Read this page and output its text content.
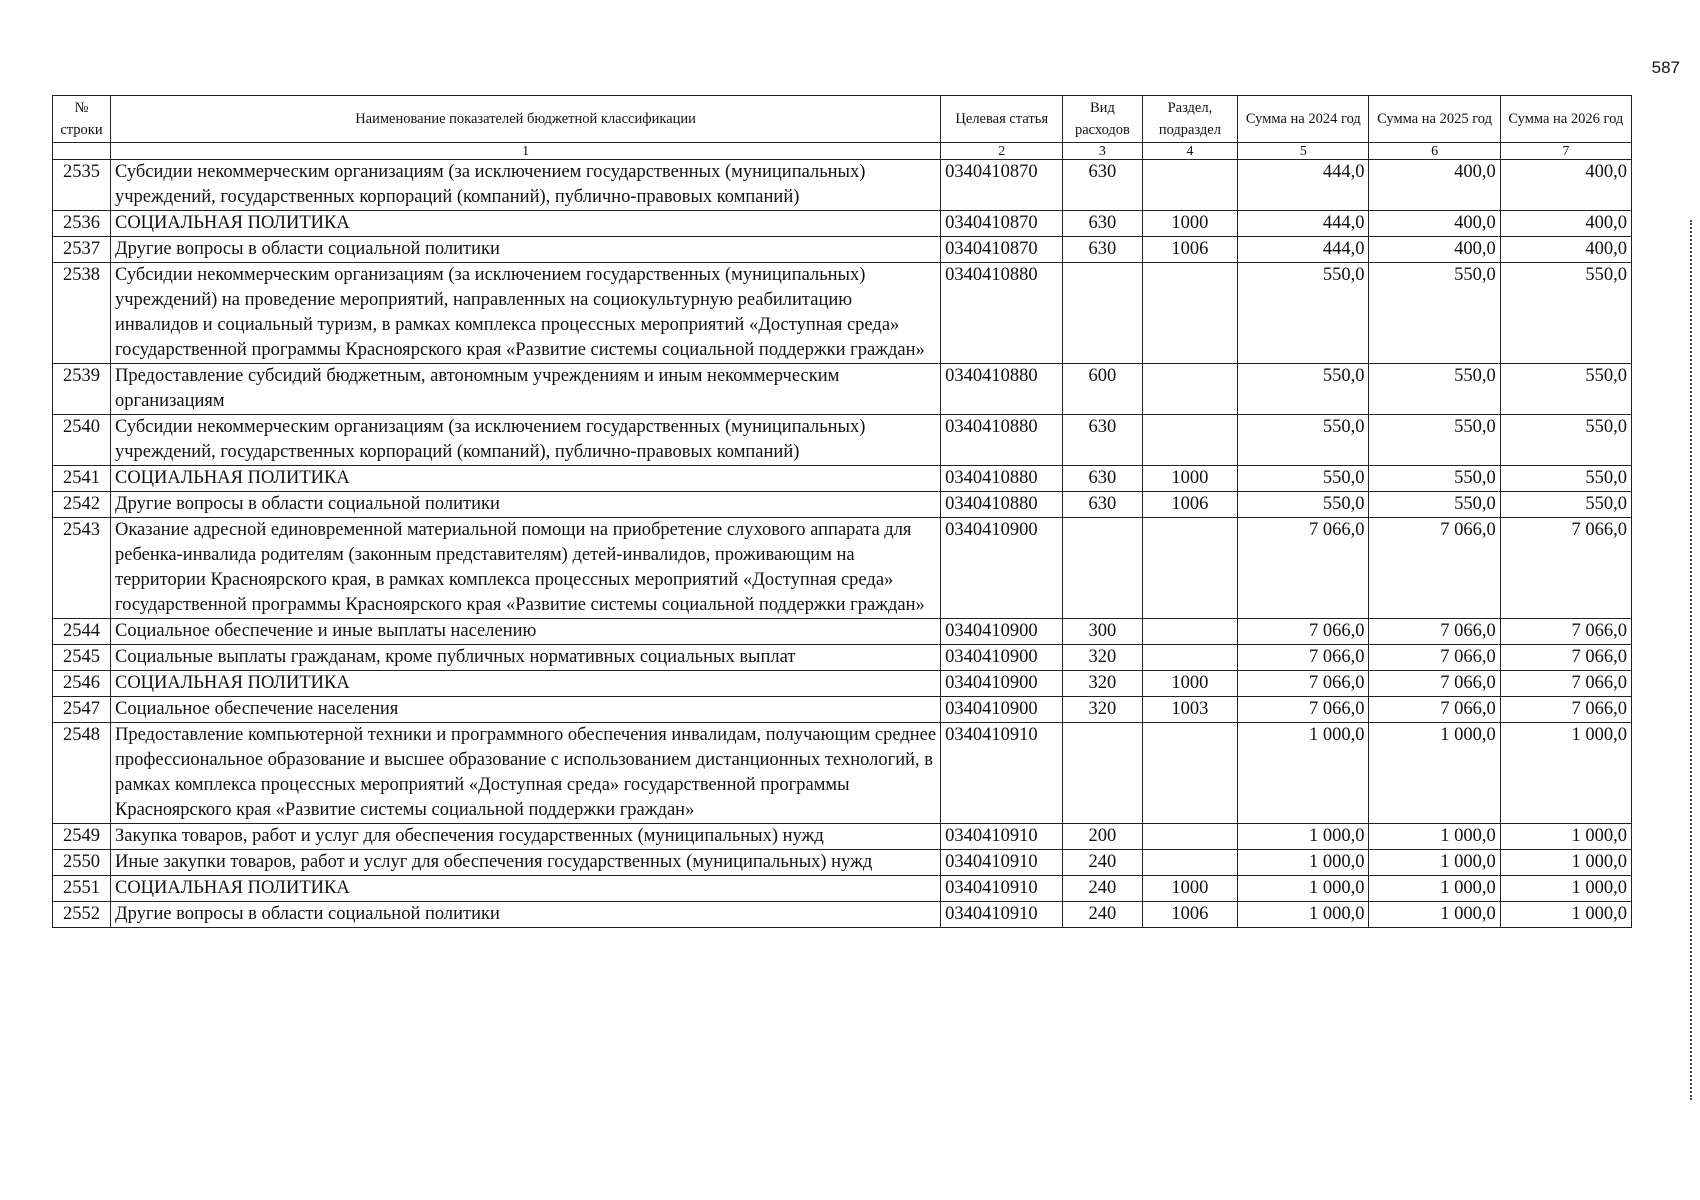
587
№ строки	Наименование показателей бюджетной классификации	Целевая статья	Вид расходов	Раздел, подраздел	Сумма на 2024 год	Сумма на 2025 год	Сумма на 2026 год
	1	2	3	4	5	6	7
2535	Субсидии некоммерческим организациям (за исключением государственных (муниципальных) учреждений, государственных корпораций (компаний), публично-правовых компаний)	0340410870	630		444,0	400,0	400,0
2536	СОЦИАЛЬНАЯ ПОЛИТИКА	0340410870	630	1000	444,0	400,0	400,0
2537	Другие вопросы в области социальной политики	0340410870	630	1006	444,0	400,0	400,0
2538	Субсидии некоммерческим организациям (за исключением государственных (муниципальных) учреждений) на проведение мероприятий, направленных на социокультурную реабилитацию инвалидов и социальный туризм, в рамках комплекса процессных мероприятий «Доступная среда» государственной программы Красноярского края «Развитие системы социальной поддержки граждан»	0340410880			550,0	550,0	550,0
2539	Предоставление субсидий бюджетным, автономным учреждениям и иным некоммерческим организациям	0340410880	600		550,0	550,0	550,0
2540	Субсидии некоммерческим организациям (за исключением государственных (муниципальных) учреждений, государственных корпораций (компаний), публично-правовых компаний)	0340410880	630		550,0	550,0	550,0
2541	СОЦИАЛЬНАЯ ПОЛИТИКА	0340410880	630	1000	550,0	550,0	550,0
2542	Другие вопросы в области социальной политики	0340410880	630	1006	550,0	550,0	550,0
2543	Оказание адресной единовременной материальной помощи на приобретение слухового аппарата для ребенка-инвалида родителям (законным представителям) детей-инвалидов, проживающим на территории Красноярского края, в рамках комплекса процессных мероприятий «Доступная среда» государственной программы Красноярского края «Развитие системы социальной поддержки граждан»	0340410900			7 066,0	7 066,0	7 066,0
2544	Социальное обеспечение и иные выплаты населению	0340410900	300		7 066,0	7 066,0	7 066,0
2545	Социальные выплаты гражданам, кроме публичных нормативных социальных выплат	0340410900	320		7 066,0	7 066,0	7 066,0
2546	СОЦИАЛЬНАЯ ПОЛИТИКА	0340410900	320	1000	7 066,0	7 066,0	7 066,0
2547	Социальное обеспечение населения	0340410900	320	1003	7 066,0	7 066,0	7 066,0
2548	Предоставление компьютерной техники и программного обеспечения инвалидам, получающим среднее профессиональное образование и высшее образование с использованием дистанционных технологий, в рамках комплекса процессных мероприятий «Доступная среда» государственной программы Красноярского края «Развитие системы социальной поддержки граждан»	0340410910			1 000,0	1 000,0	1 000,0
2549	Закупка товаров, работ и услуг для обеспечения государственных (муниципальных) нужд	0340410910	200		1 000,0	1 000,0	1 000,0
2550	Иные закупки товаров, работ и услуг для обеспечения государственных (муниципальных) нужд	0340410910	240		1 000,0	1 000,0	1 000,0
2551	СОЦИАЛЬНАЯ ПОЛИТИКА	0340410910	240	1000	1 000,0	1 000,0	1 000,0
2552	Другие вопросы в области социальной политики	0340410910	240	1006	1 000,0	1 000,0	1 000,0
